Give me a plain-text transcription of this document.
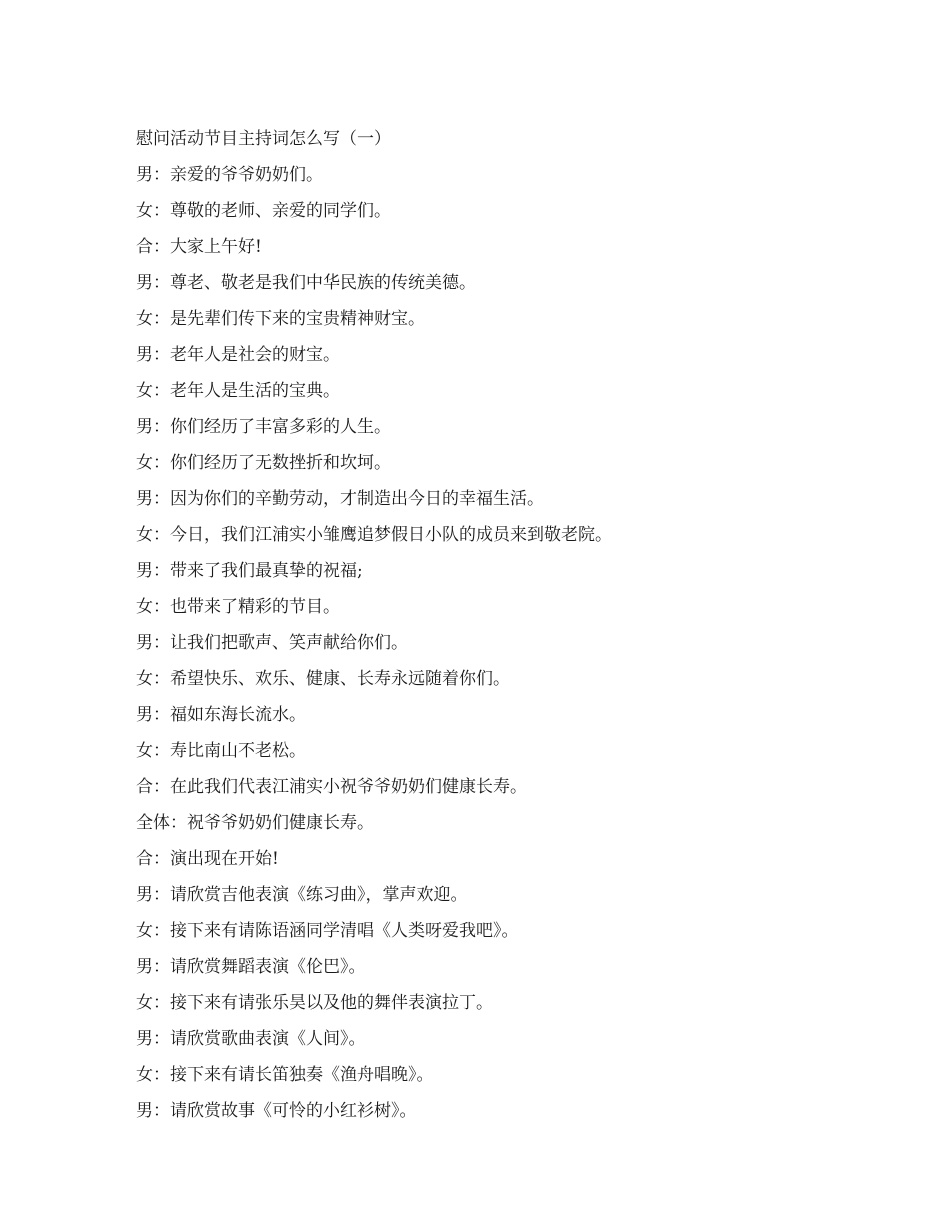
慰问活动节目主持词怎么写（一）
男：亲爱的爷爷奶奶们。
女：尊敬的老师、亲爱的同学们。
合：大家上午好!
男：尊老、敬老是我们中华民族的传统美德。
女：是先辈们传下来的宝贵精神财宝。
男：老年人是社会的财宝。
女：老年人是生活的宝典。
男：你们经历了丰富多彩的人生。
女：你们经历了无数挫折和坎坷。
男：因为你们的辛勤劳动，才制造出今日的幸福生活。
女：今日，我们江浦实小雏鹰追梦假日小队的成员来到敬老院。
男：带来了我们最真挚的祝福;
女：也带来了精彩的节目。
男：让我们把歌声、笑声献给你们。
女：希望快乐、欢乐、健康、长寿永远随着你们。
男：福如东海长流水。
女：寿比南山不老松。
合：在此我们代表江浦实小祝爷爷奶奶们健康长寿。
全体：祝爷爷奶奶们健康长寿。
合：演出现在开始!
男：请欣赏吉他表演《练习曲》，掌声欢迎。
女：接下来有请陈语涵同学清唱《人类呀爱我吧》。
男：请欣赏舞蹈表演《伦巴》。
女：接下来有请张乐昊以及他的舞伴表演拉丁。
男：请欣赏歌曲表演《人间》。
女：接下来有请长笛独奏《渔舟唱晚》。
男：请欣赏故事《可怜的小红衫树》。
